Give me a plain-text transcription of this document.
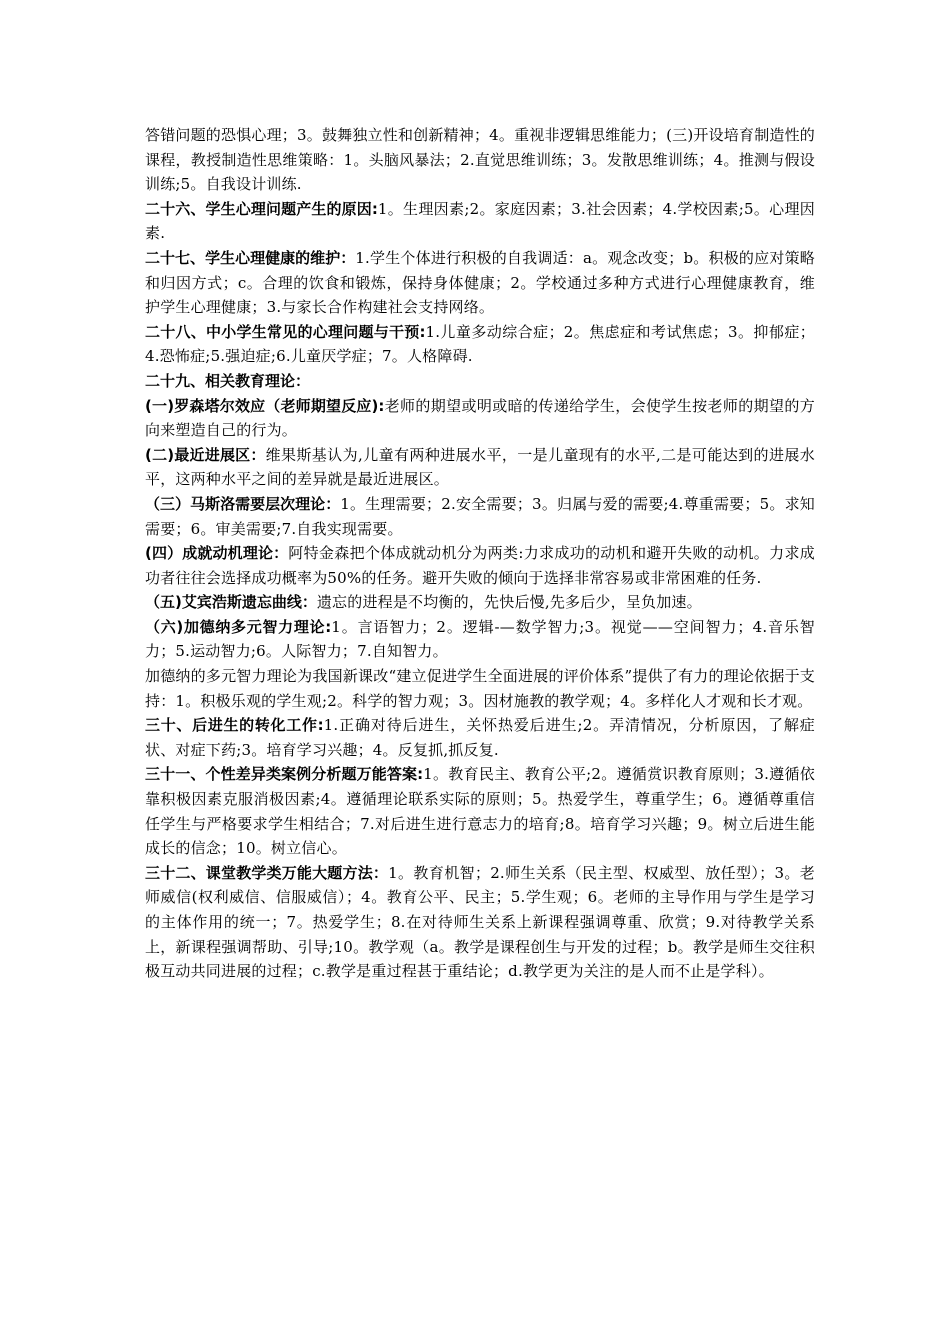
答错问题的恐惧心理；3。鼓舞独立性和创新精神；4。重视非逻辑思维能力；(三)开设培育制造性的课程，教授制造性思维策略：1。头脑风暴法；2.直觉思维训练；3。发散思维训练；4。推测与假设训练;5。自我设计训练.

二十六、学生心理问题产生的原因:1。生理因素;2。家庭因素；3.社会因素；4.学校因素;5。心理因素.

二十七、学生心理健康的维护：1.学生个体进行积极的自我调适：a。观念改变；b。积极的应对策略和归因方式；c。合理的饮食和锻炼，保持身体健康；2。学校通过多种方式进行心理健康教育，维护学生心理健康；3.与家长合作构建社会支持网络。

二十八、中小学生常见的心理问题与干预:1.儿童多动综合症；2。焦虑症和考试焦虑；3。抑郁症；4.恐怖症;5.强迫症;6.儿童厌学症；7。人格障碍.

二十九、相关教育理论：

(一)罗森塔尔效应（老师期望反应):老师的期望或明或暗的传递给学生，会使学生按老师的期望的方向来塑造自己的行为。

(二)最近进展区：维果斯基认为,儿童有两种进展水平，一是儿童现有的水平,二是可能达到的进展水平，这两种水平之间的差异就是最近进展区。

（三）马斯洛需要层次理论：1。生理需要；2.安全需要；3。归属与爱的需要;4.尊重需要；5。求知需要；6。审美需要;7.自我实现需要。

(四）成就动机理论：阿特金森把个体成就动机分为两类:力求成功的动机和避开失败的动机。力求成功者往往会选择成功概率为50%的任务。避开失败的倾向于选择非常容易或非常困难的任务.

（五)艾宾浩斯遗忘曲线：遗忘的进程是不均衡的，先快后慢,先多后少，呈负加速。

（六)加德纳多元智力理论:1。言语智力；2。逻辑-—数学智力;3。视觉——空间智力；4.音乐智力；5.运动智力;6。人际智力；7.自知智力。

加德纳的多元智力理论为我国新课改“建立促进学生全面进展的评价体系”提供了有力的理论依据于支持：1。积极乐观的学生观;2。科学的智力观；3。因材施教的教学观；4。多样化人才观和长才观。

三十、后进生的转化工作:1.正确对待后进生，关怀热爱后进生;2。弄清情况，分析原因，了解症状、对症下药;3。培育学习兴趣；4。反复抓,抓反复.

三十一、个性差异类案例分析题万能答案:1。教育民主、教育公平;2。遵循赏识教育原则；3.遵循依靠积极因素克服消极因素;4。遵循理论联系实际的原则；5。热爱学生，尊重学生；6。遵循尊重信任学生与严格要求学生相结合；7.对后进生进行意志力的培育;8。培育学习兴趣；9。树立后进生能成长的信念；10。树立信心。

三十二、课堂教学类万能大题方法：1。教育机智；2.师生关系（民主型、权威型、放任型）；3。老师威信(权利威信、信服威信）；4。教育公平、民主；5.学生观；6。老师的主导作用与学生是学习的主体作用的统一；7。热爱学生；8.在对待师生关系上新课程强调尊重、欣赏；9.对待教学关系上，新课程强调帮助、引导;10。教学观（a。教学是课程创生与开发的过程；b。教学是师生交往积极互动共同进展的过程；c.教学是重过程甚于重结论；d.教学更为关注的是人而不止是学科）。
